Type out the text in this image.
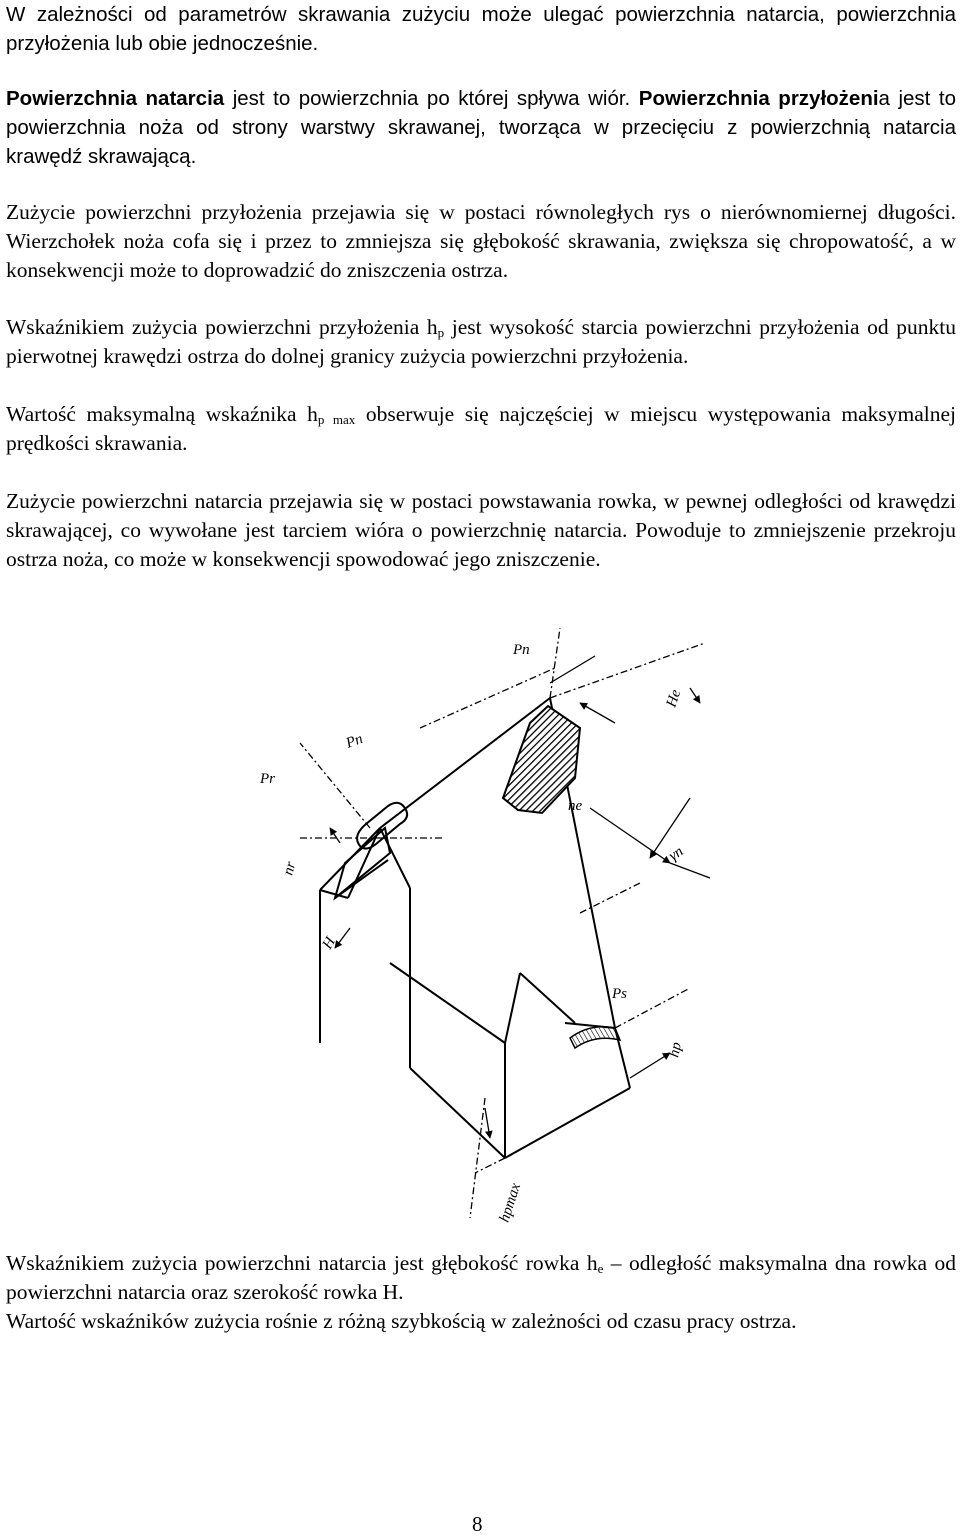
W zależności od parametrów skrawania zużyciu może ulegać powierzchnia natarcia, powierzchnia przyłożenia lub obie jednocześnie.

Powierzchnia natarcia jest to powierzchnia po której spływa wiór. Powierzchnia przyłożenia jest to powierzchnia noża od strony warstwy skrawanej, tworząca w przecięciu z powierzchnią natarcia krawędź skrawającą.

Zużycie powierzchni przyłożenia przejawia się w postaci równoległych rys o nierównomiernej długości. Wierzchołek noża cofa się i przez to zmniejsza się głębokość skrawania, zwiększa się chropowatość, a w konsekwencji może to doprowadzić do zniszczenia ostrza.

Wskaźnikiem zużycia powierzchni przyłożenia $h_p$ jest wysokość starcia powierzchni przyłożenia od punktu pierwotnej krawędzi ostrza do dolnej granicy zużycia powierzchni przyłożenia.

Wartość maksymalną wskaźnika $h_{p max}$ obserwuje się najczęściej w miejscu występowania maksymalnej prędkości skrawania.

Zużycie powierzchni natarcia przejawia się w postaci powstawania rowka, w pewnej odległości od krawędzi skrawającej, co wywołane jest tarciem wióra o powierzchnię natarcia. Powoduje to zmniejszenie przekroju ostrza noża, co może w konsekwencji spowodować jego zniszczenie.

Wskaźnikiem zużycia powierzchni natarcia jest głębokość rowka $h_e$ – odległość maksymalna dna rowka od powierzchni natarcia oraz szerokość rowka H.

Wartość wskaźników zużycia rośnie z różną szybkością w zależności od czasu pracy ostrza.

Pn
He
Pn
Pr
ne
γn
nr
H
Ps
hp
hpmax
8
